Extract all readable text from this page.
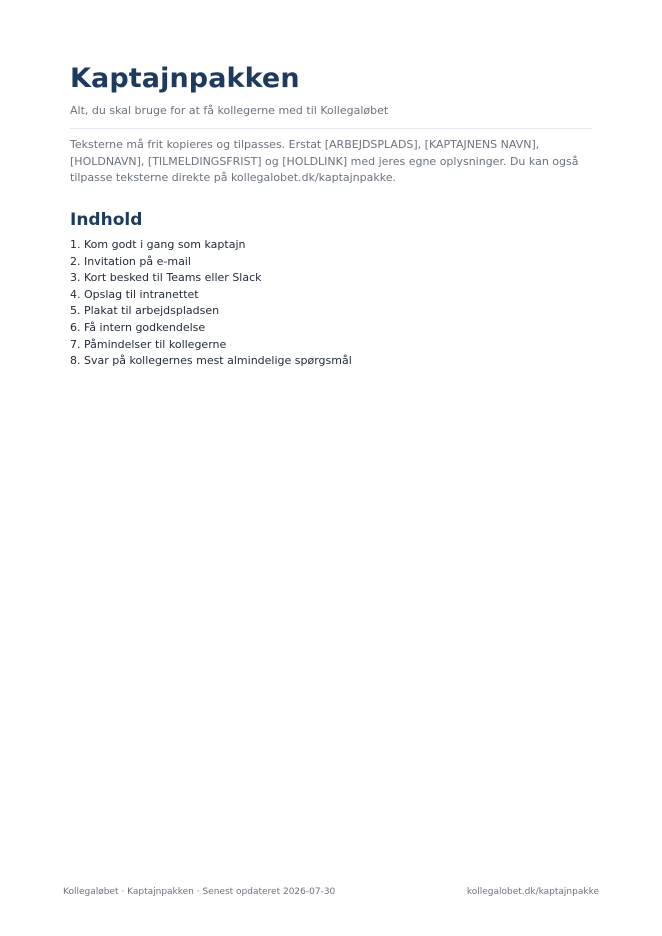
Kaptajnpakken

Alt, du skal bruge for at få kollegerne med til Kollegaløbet

Teksterne må frit kopieres og tilpasses. Erstat [ARBEJDSPLADS], [KAPTAJNENS NAVN], [HOLDNAVN], [TILMELDINGSFRIST] og [HOLDLINK] med jeres egne oplysninger. Du kan også tilpasse teksterne direkte på kollegalobet.dk/kaptajnpakke.

Indhold
1. Kom godt i gang som kaptajn
2. Invitation på e-mail
3. Kort besked til Teams eller Slack
4. Opslag til intranettet
5. Plakat til arbejdspladsen
6. Få intern godkendelse
7. Påmindelser til kollegerne
8. Svar på kollegernes mest almindelige spørgsmål
Kollegaløbet · Kaptajnpakken · Senest opdateret 2026-07-30	kollegalobet.dk/kaptajnpakke
